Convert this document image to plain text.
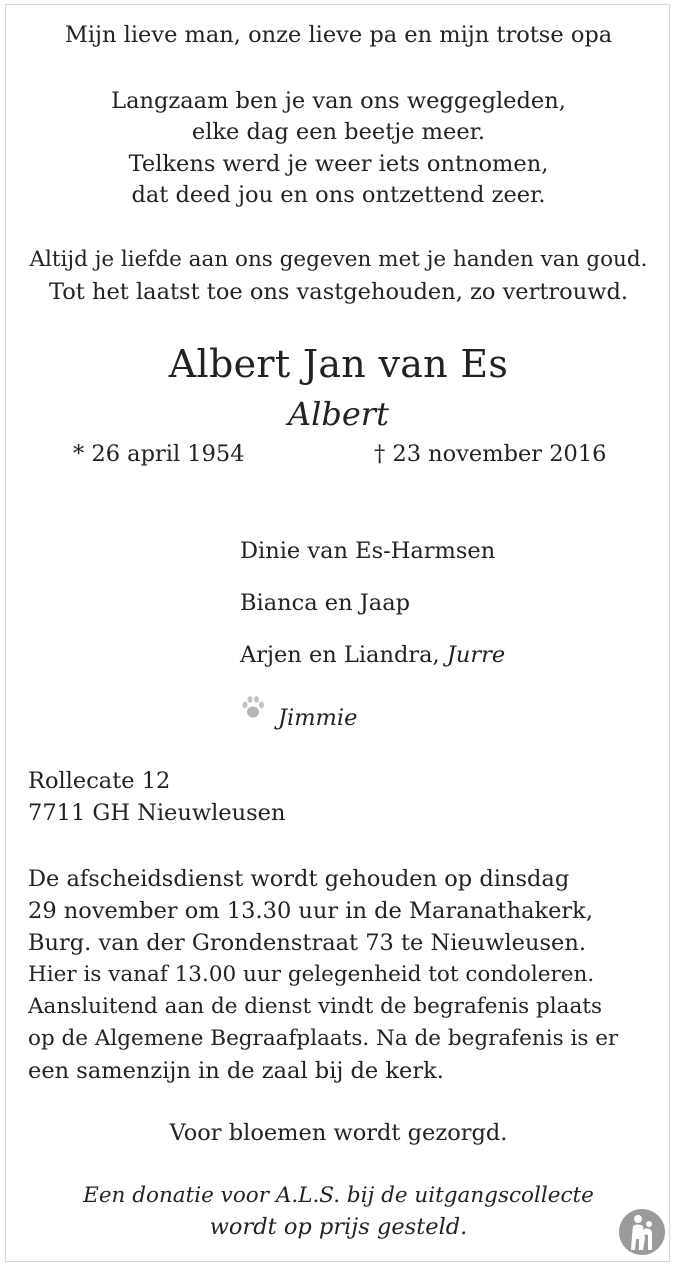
Mijn lieve man, onze lieve pa en mijn trotse opa
Langzaam ben je van ons weggegleden,
elke dag een beetje meer.
Telkens werd je weer iets ontnomen,
dat deed jou en ons ontzettend zeer.
Altijd je liefde aan ons gegeven met je handen van goud.
Tot het laatst toe ons vastgehouden, zo vertrouwd.
Albert Jan van Es
Albert
* 26 april 1954	† 23 november 2016
Dinie van Es-Harmsen
Bianca en Jaap
Arjen en Liandra, Jurre
Jimmie
Rollecate 12
7711 GH Nieuwleusen
De afscheidsdienst wordt gehouden op dinsdag
29 november om 13.30 uur in de Maranathakerk,
Burg. van der Grondenstraat 73 te Nieuwleusen.
Hier is vanaf 13.00 uur gelegenheid tot condoleren.
Aansluitend aan de dienst vindt de begrafenis plaats
op de Algemene Begraafplaats. Na de begrafenis is er
een samenzijn in de zaal bij de kerk.
Voor bloemen wordt gezorgd.
Een donatie voor A.L.S. bij de uitgangscollecte
wordt op prijs gesteld.
